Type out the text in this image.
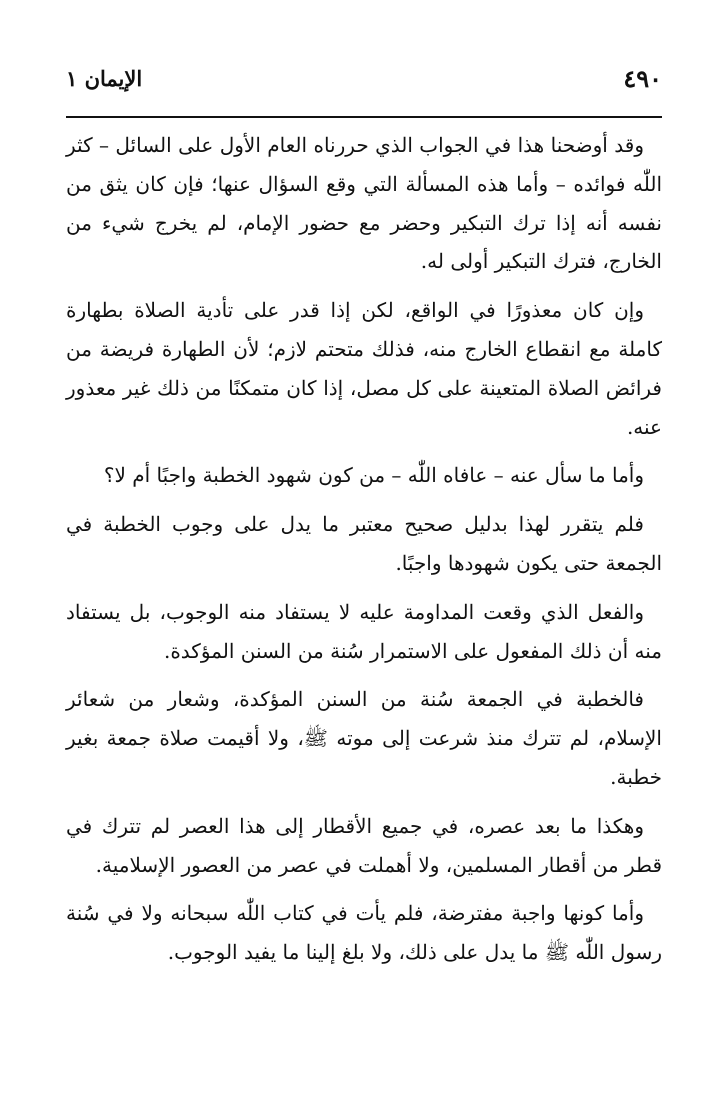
٤٩٠
الإيمان ١

وقد أوضحنا هذا في الجواب الذي حررناه العام الأول على السائل – كثر اللّٰه فوائده – وأما هذه المسألة التي وقع السؤال عنها؛ فإن كان يثق من نفسه أنه إذا ترك التبكير وحضر مع حضور الإمام، لم يخرج شيء من الخارج، فترك التبكير أولى له.

وإن كان معذورًا في الواقع، لكن إذا قدر على تأدية الصلاة بطهارة كاملة مع انقطاع الخارج منه، فذلك متحتم لازم؛ لأن الطهارة فريضة من فرائض الصلاة المتعينة على كل مصل، إذا كان متمكنًا من ذلك غير معذور عنه.

وأما ما سأل عنه – عافاه اللّٰه – من كون شهود الخطبة واجبًا أم لا؟

فلم يتقرر لهذا بدليل صحيح معتبر ما يدل على وجوب الخطبة في الجمعة حتى يكون شهودها واجبًا.

والفعل الذي وقعت المداومة عليه لا يستفاد منه الوجوب، بل يستفاد منه أن ذلك المفعول على الاستمرار سُنة من السنن المؤكدة.

فالخطبة في الجمعة سُنة من السنن المؤكدة، وشعار من شعائر الإسلام، لم تترك منذ شرعت إلى موته ﷺ، ولا أقيمت صلاة جمعة بغير خطبة.

وهكذا ما بعد عصره، في جميع الأقطار إلى هذا العصر لم تترك في قطر من أقطار المسلمين، ولا أهملت في عصر من العصور الإسلامية.

وأما كونها واجبة مفترضة، فلم يأت في كتاب اللّٰه سبحانه ولا في سُنة رسول اللّٰه ﷺ ما يدل على ذلك، ولا بلغ إلينا ما يفيد الوجوب.
